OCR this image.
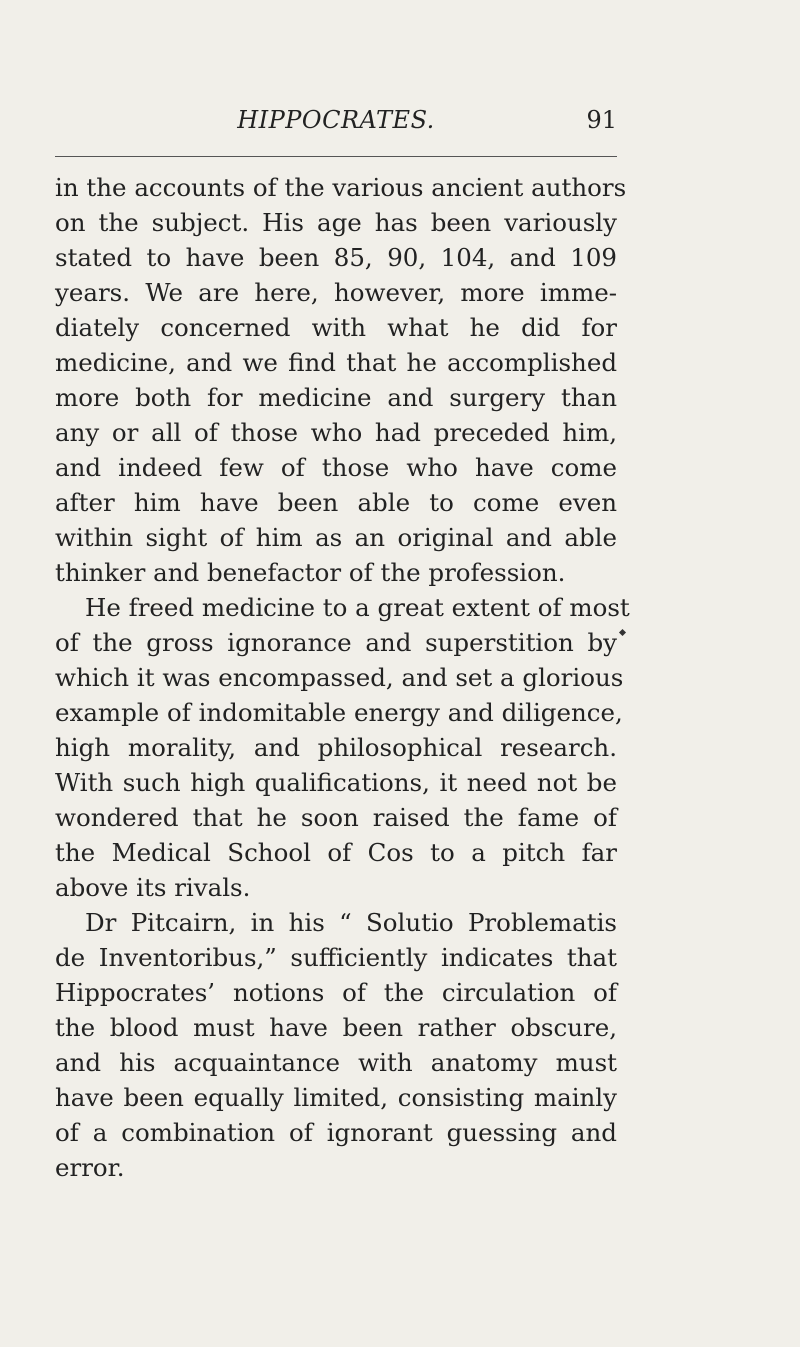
HIPPOCRATES.	91
in the accounts of the various ancient authors
on the subject. His age has been variously
stated to have been 85, 90, 104, and 109
years. We are here, however, more imme-
diately concerned with what he did for
medicine, and we find that he accomplished
more both for medicine and surgery than
any or all of those who had preceded him,
and indeed few of those who have come
after him have been able to come even
within sight of him as an original and able
thinker and benefactor of the profession.
He freed medicine to a great extent of most
of the gross ignorance and superstition by
which it was encompassed, and set a glorious
example of indomitable energy and diligence,
high morality, and philosophical research.
With such high qualifications, it need not be
wondered that he soon raised the fame of
the Medical School of Cos to a pitch far
above its rivals.
Dr Pitcairn, in his “ Solutio Problematis
de Inventoribus,” sufficiently indicates that
Hippocrates’ notions of the circulation of
the blood must have been rather obscure,
and his acquaintance with anatomy must
have been equally limited, consisting mainly
of a combination of ignorant guessing and
error.
